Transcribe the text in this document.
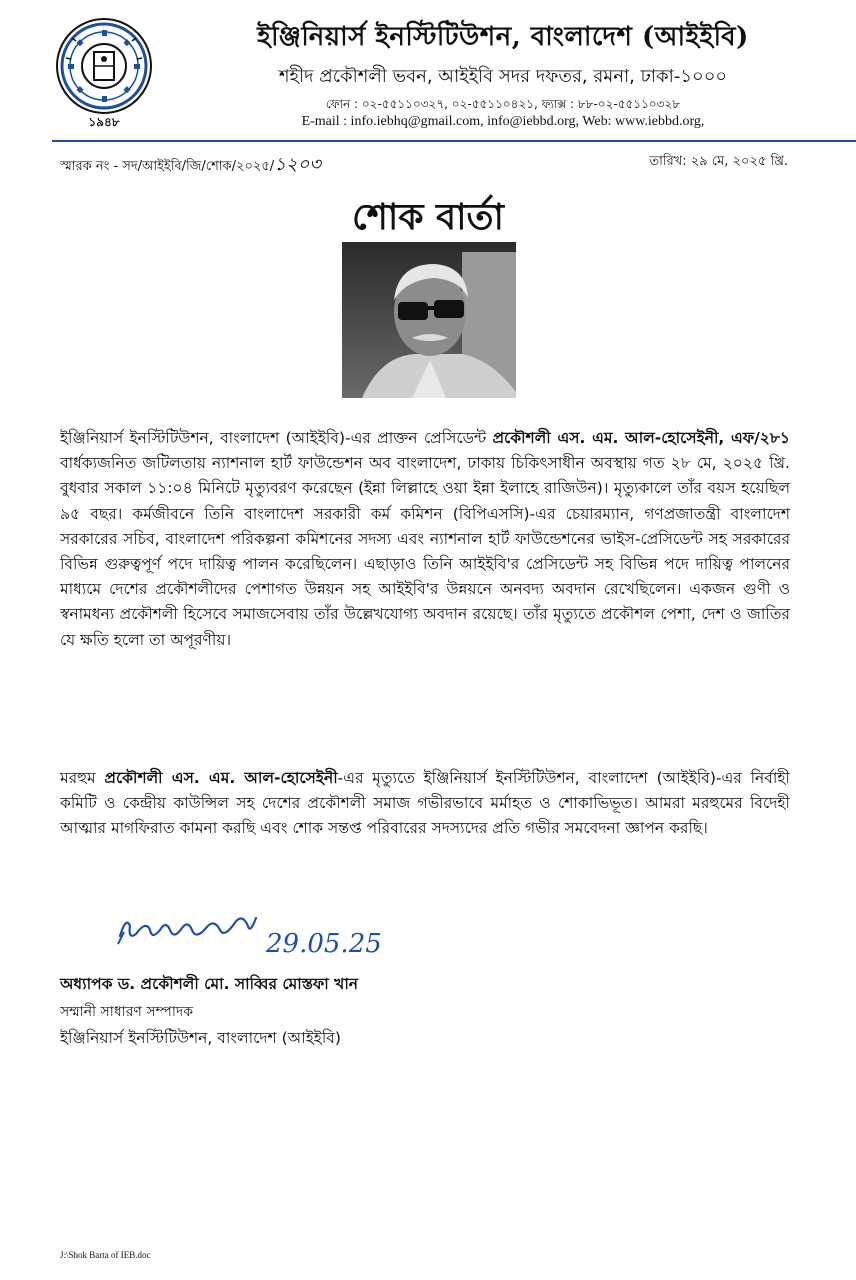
১৯৪৮
ইঞ্জিনিয়ার্স ইনস্টিটিউশন, বাংলাদেশ (আইইবি)
শহীদ প্রকৌশলী ভবন, আইইবি সদর দফতর, রমনা, ঢাকা-১০০০
ফোন : ০২-৫৫১১০৩২৭, ০২-৫৫১১০৪২১, ফ্যাক্স : ৮৮-০২-৫৫১১০৩২৮
E-mail : info.iebhq@gmail.com, info@iebbd.org, Web: www.iebbd.org,
স্মারক নং - সদ/আইইবি/জি/শোক/২০২৫/১২০৩	তারিখ: ২৯ মে, ২০২৫ খ্রি.
শোক বার্তা
ইঞ্জিনিয়ার্স ইনস্টিটিউশন, বাংলাদেশ (আইইবি)-এর প্রাক্তন প্রেসিডেন্ট প্রকৌশলী এস. এম. আল-হোসেইনী, এফ/২৮১ বার্ধক্যজনিত জটিলতায় ন্যাশনাল হার্ট ফাউন্ডেশন অব বাংলাদেশ, ঢাকায় চিকিৎসাধীন অবস্থায় গত ২৮ মে, ২০২৫ খ্রি. বুধবার সকাল ১১:০৪ মিনিটে মৃত্যুবরণ করেছেন (ইন্না লিল্লাহে ওয়া ইন্না ইলাহে রাজিউন)। মৃত্যুকালে তাঁর বয়স হয়েছিল ৯৫ বছর। কর্মজীবনে তিনি বাংলাদেশ সরকারী কর্ম কমিশন (বিপিএসসি)-এর চেয়ারম্যান, গণপ্রজাতন্ত্রী বাংলাদেশ সরকারের সচিব, বাংলাদেশ পরিকল্পনা কমিশনের সদস্য এবং ন্যাশনাল হার্ট ফাউন্ডেশনের ভাইস-প্রেসিডেন্ট সহ সরকারের বিভিন্ন গুরুত্বপূর্ণ পদে দায়িত্ব পালন করেছিলেন। এছাড়াও তিনি আইইবি'র প্রেসিডেন্ট সহ বিভিন্ন পদে দায়িত্ব পালনের মাধ্যমে দেশের প্রকৌশলীদের পেশাগত উন্নয়ন সহ আইইবি'র উন্নয়নে অনবদ্য অবদান রেখেছিলেন। একজন গুণী ও স্বনামধন্য প্রকৌশলী হিসেবে সমাজসেবায় তাঁর উল্লেখযোগ্য অবদান রয়েছে। তাঁর মৃত্যুতে প্রকৌশল পেশা, দেশ ও জাতির যে ক্ষতি হলো তা অপূরণীয়।
মরহুম প্রকৌশলী এস. এম. আল-হোসেইনী-এর মৃত্যুতে ইঞ্জিনিয়ার্স ইনস্টিটিউশন, বাংলাদেশ (আইইবি)-এর নির্বাহী কমিটি ও কেন্দ্রীয় কাউন্সিল সহ দেশের প্রকৌশলী সমাজ গভীরভাবে মর্মাহত ও শোকাভিভূত। আমরা মরহুমের বিদেহী আত্মার মাগফিরাত কামনা করছি এবং শোক সন্তপ্ত পরিবারের সদস্যদের প্রতি গভীর সমবেদনা জ্ঞাপন করছি।
29.05.25
অধ্যাপক ড. প্রকৌশলী মো. সাব্বির মোস্তফা খান
সম্মানী সাধারণ সম্পাদক
ইঞ্জিনিয়ার্স ইনস্টিটিউশন, বাংলাদেশ (আইইবি)
J:\Shok Barta of IEB.doc
